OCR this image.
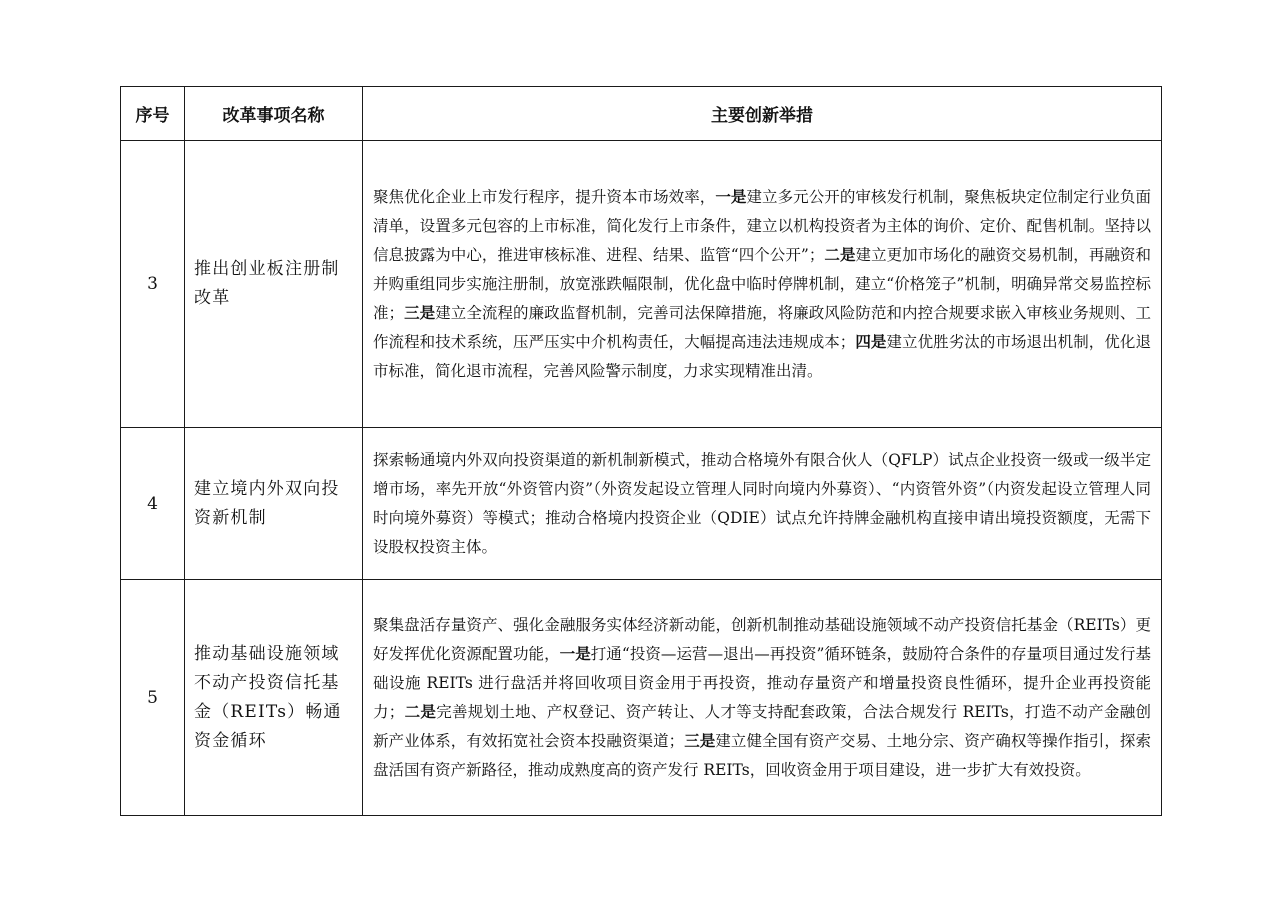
序号	改革事项名称	主要创新举措
3	推出创业板注册制改革	聚焦优化企业上市发行程序，提升资本市场效率，一是建立多元公开的审核发行机制，聚焦板块定位制定行业负面清单，设置多元包容的上市标准，简化发行上市条件，建立以机构投资者为主体的询价、定价、配售机制。坚持以信息披露为中心，推进审核标准、进程、结果、监管“四个公开”；二是建立更加市场化的融资交易机制，再融资和并购重组同步实施注册制，放宽涨跌幅限制，优化盘中临时停牌机制，建立“价格笼子”机制，明确异常交易监控标准；三是建立全流程的廉政监督机制，完善司法保障措施，将廉政风险防范和内控合规要求嵌入审核业务规则、工作流程和技术系统，压严压实中介机构责任，大幅提高违法违规成本；四是建立优胜劣汰的市场退出机制，优化退市标准，简化退市流程，完善风险警示制度，力求实现精准出清。
4	建立境内外双向投资新机制	探索畅通境内外双向投资渠道的新机制新模式，推动合格境外有限合伙人（QFLP）试点企业投资一级或一级半定增市场，率先开放“外资管内资”（外资发起设立管理人同时向境内外募资）、“内资管外资”（内资发起设立管理人同时向境外募资）等模式；推动合格境内投资企业（QDIE）试点允许持牌金融机构直接申请出境投资额度，无需下设股权投资主体。
5	推动基础设施领域不动产投资信托基金（REITs）畅通资金循环	聚集盘活存量资产、强化金融服务实体经济新动能，创新机制推动基础设施领域不动产投资信托基金（REITs）更好发挥优化资源配置功能，一是打通“投资—运营—退出—再投资”循环链条，鼓励符合条件的存量项目通过发行基础设施 REITs 进行盘活并将回收项目资金用于再投资，推动存量资产和增量投资良性循环，提升企业再投资能力；二是完善规划土地、产权登记、资产转让、人才等支持配套政策，合法合规发行 REITs，打造不动产金融创新产业体系，有效拓宽社会资本投融资渠道；三是建立健全国有资产交易、土地分宗、资产确权等操作指引，探索盘活国有资产新路径，推动成熟度高的资产发行 REITs，回收资金用于项目建设，进一步扩大有效投资。
